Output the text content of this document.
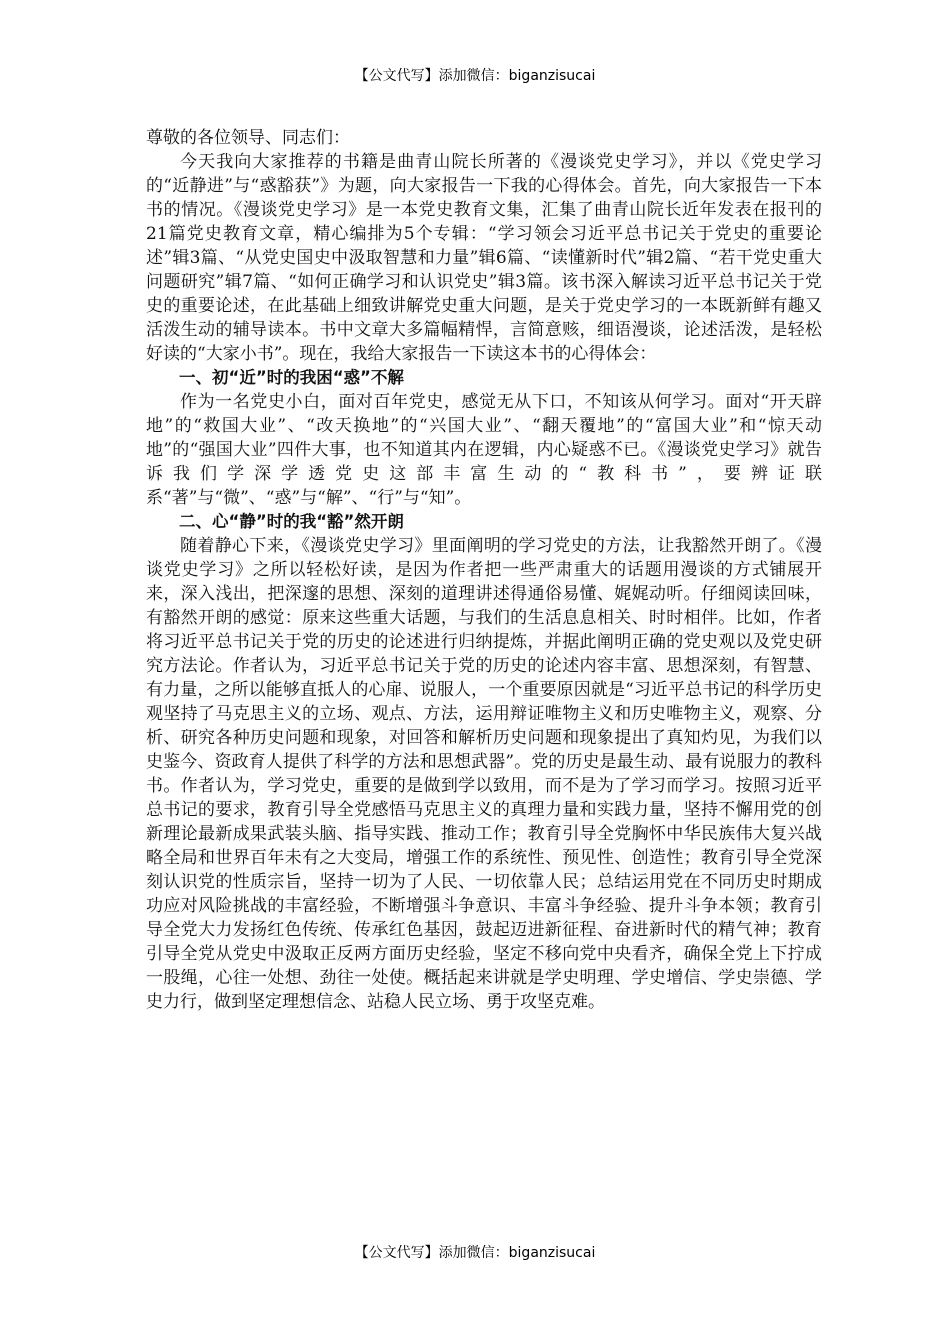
【公文代写】添加微信：biganzisucai

尊敬的各位领导、同志们：

今天我向大家推荐的书籍是曲青山院长所著的《漫谈党史学习》，并以《党史学习的“近静进”与“惑豁获”》为题，向大家报告一下我的心得体会。首先，向大家报告一下本书的情况。《漫谈党史学习》是一本党史教育文集，汇集了曲青山院长近年发表在报刊的21篇党史教育文章，精心编排为5个专辑：“学习领会习近平总书记关于党史的重要论述”辑3篇、“从党史国史中汲取智慧和力量”辑6篇、“读懂新时代”辑2篇、“若干党史重大问题研究”辑7篇、“如何正确学习和认识党史”辑3篇。该书深入解读习近平总书记关于党史的重要论述，在此基础上细致讲解党史重大问题，是关于党史学习的一本既新鲜有趣又活泼生动的辅导读本。书中文章大多篇幅精悍，言简意赅，细语漫谈，论述活泼，是轻松好读的“大家小书”。现在，我给大家报告一下读这本书的心得体会：

一、初“近”时的我困“惑”不解

作为一名党史小白，面对百年党史，感觉无从下口，不知该从何学习。面对“开天辟地”的“救国大业”、“改天换地”的“兴国大业”、“翻天覆地”的“富国大业”和“惊天动地”的“强国大业”四件大事，也不知道其内在逻辑，内心疑惑不已。《漫谈党史学习》就告诉我们学深学透党史这部丰富生动的“教科书”，要辨证联系“著”与“微”、“惑”与“解”、“行”与“知”。

二、心“静”时的我“豁”然开朗

随着静心下来，《漫谈党史学习》里面阐明的学习党史的方法，让我豁然开朗了。《漫谈党史学习》之所以轻松好读，是因为作者把一些严肃重大的话题用漫谈的方式铺展开来，深入浅出，把深邃的思想、深刻的道理讲述得通俗易懂、娓娓动听。仔细阅读回味，有豁然开朗的感觉：原来这些重大话题，与我们的生活息息相关、时时相伴。比如，作者将习近平总书记关于党的历史的论述进行归纳提炼，并据此阐明正确的党史观以及党史研究方法论。作者认为，习近平总书记关于党的历史的论述内容丰富、思想深刻，有智慧、有力量，之所以能够直抵人的心扉、说服人，一个重要原因就是“习近平总书记的科学历史观坚持了马克思主义的立场、观点、方法，运用辩证唯物主义和历史唯物主义，观察、分析、研究各种历史问题和现象，对回答和解析历史问题和现象提出了真知灼见，为我们以史鉴今、资政育人提供了科学的方法和思想武器”。党的历史是最生动、最有说服力的教科书。作者认为，学习党史，重要的是做到学以致用，而不是为了学习而学习。按照习近平总书记的要求，教育引导全党感悟马克思主义的真理力量和实践力量，坚持不懈用党的创新理论最新成果武装头脑、指导实践、推动工作；教育引导全党胸怀中华民族伟大复兴战略全局和世界百年未有之大变局，增强工作的系统性、预见性、创造性；教育引导全党深刻认识党的性质宗旨，坚持一切为了人民、一切依靠人民；总结运用党在不同历史时期成功应对风险挑战的丰富经验，不断增强斗争意识、丰富斗争经验、提升斗争本领；教育引导全党大力发扬红色传统、传承红色基因，鼓起迈进新征程、奋进新时代的精气神；教育引导全党从党史中汲取正反两方面历史经验，坚定不移向党中央看齐，确保全党上下拧成一股绳，心往一处想、劲往一处使。概括起来讲就是学史明理、学史增信、学史崇德、学史力行，做到坚定理想信念、站稳人民立场、勇于攻坚克难。

【公文代写】添加微信：biganzisucai
